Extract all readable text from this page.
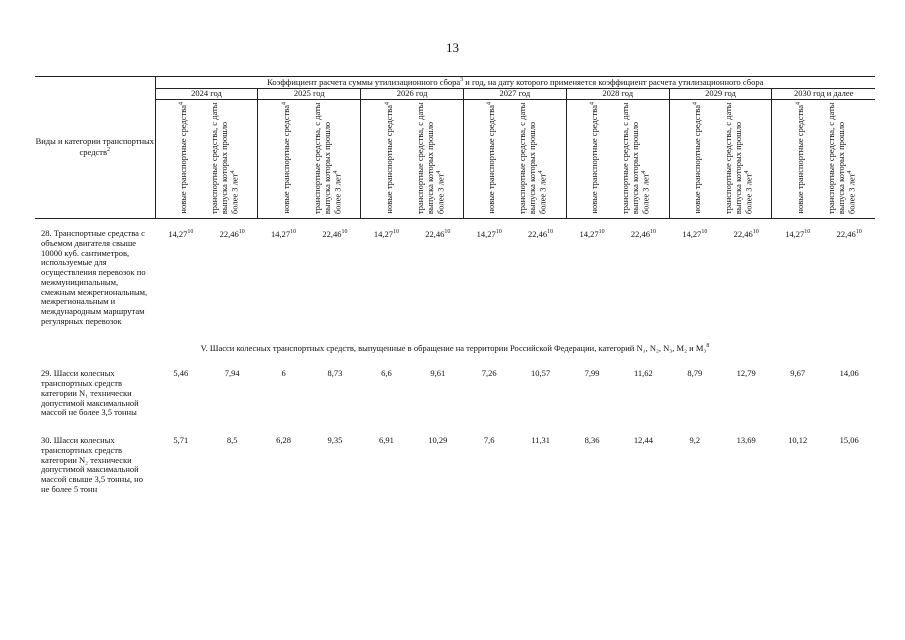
13
Виды и категории транспортных средств$^2$	Коэффициент расчета суммы утилизационного сбора$^3$ и год, на дату которого применяется коэффициент расчета утилизационного сбора													
	2024 год		2025 год		2026 год		2027 год		2028 год		2029 год		2030 год и далее	

	новые транспортные средства$^4$	транспортные средства, с даты выпуска которых прошло более 3 лет$^4$	новые транспортные средства$^4$	транспортные средства, с даты выпуска которых прошло более 3 лет$^4$	новые транспортные средства$^4$	транспортные средства, с даты выпуска которых прошло более 3 лет$^4$	новые транспортные средства$^4$	транспортные средства, с даты выпуска которых прошло более 3 лет$^4$	новые транспортные средства$^4$	транспортные средства, с даты выпуска которых прошло более 3 лет$^4$	новые транспортные средства$^4$	транспортные средства, с даты выпуска которых прошло более 3 лет$^4$	новые транспортные средства$^4$	транспортные средства, с даты выпуска которых прошло более 3 лет$^4$

28. Транспортные средства с объемом двигателя свыше 10000 куб. сантиметров, используемые для осуществления перевозок по межмуниципальным, смежным межрегиональным, межрегиональным и международным маршрутам регулярных перевозок	14,27$^{10}$	22,46$^{10}$	14,27$^{10}$	22,46$^{10}$	14,27$^{10}$	22,46$^{10}$	14,27$^{10}$	22,46$^{10}$	14,27$^{10}$	22,46$^{10}$	14,27$^{10}$	22,46$^{10}$	14,27$^{10}$	22,46$^{10}$
V. Шасси колесных транспортных средств, выпущенные в обращение на территории Российской Федерации, категорий N₁, N₂, N₃, M₂ и M₃$^8$
29. Шасси колесных транспортных средств категории N₁ технически допустимой максимальной массой не более 3,5 тонны	5,46	7,94	6	8,73	6,6	9,61	7,26	10,57	7,99	11,62	8,79	12,79	9,67	14,06
30. Шасси колесных транспортных средств категории N₂ технически допустимой максимальной массой свыше 3,5 тонны, но не более 5 тонн	5,71	8,5	6,28	9,35	6,91	10,29	7,6	11,31	8,36	12,44	9,2	13,69	10,12	15,06
